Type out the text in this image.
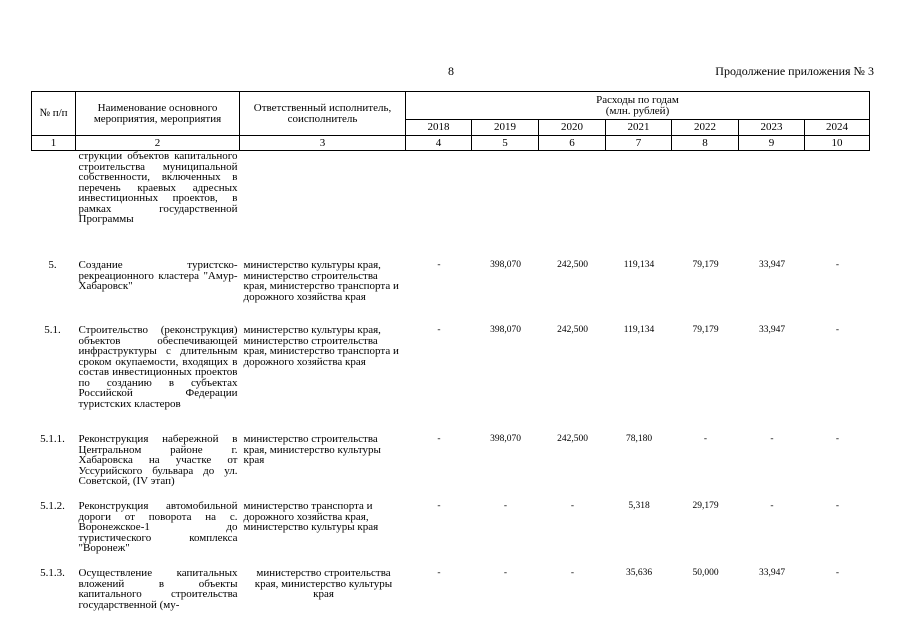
8	Продолжение приложения № 3
№ п/п	Наименование основного мероприятия, мероприятия	Ответственный исполнитель, соисполнитель	Расходы по годам
(млн. рублей)						

			2018	2019	2020	2021	2022	2023	2024
1	2	3	4	5	6	7	8	9	10
	струкции объектов капитального строительства муниципальной собственности, включенных в перечень краевых адресных инвестиционных проектов, в рамках государственной Программы								

5.	Создание туристско-рекреационного кластера "Амур-Хабаровск"	министерство культуры края, министерство строительства края, министерство транспорта и дорожного хозяйства края	-	398,070	242,500	119,134	79,179	33,947	-

5.1.	Строительство (реконструкция) объектов обеспечивающей инфраструктуры с длительным сроком окупаемости, входящих в состав инвестиционных проектов по созданию в субъектах Российской Федерации туристских кластеров	министерство культуры края, министерство строительства края, министерство транспорта и дорожного хозяйства края	-	398,070	242,500	119,134	79,179	33,947	-

5.1.1.	Реконструкция набережной в Центральном районе г. Хабаровска на участке от Уссурийского бульвара до ул. Советской, (IV этап)	министерство строительства края, министерство культуры края	-	398,070	242,500	78,180	-	-	-

5.1.2.	Реконструкция автомобильной дороги от поворота на с. Воронежское-1 до туристического комплекса "Воронеж"	министерство транспорта и дорожного хозяйства края, министерство культуры края	-	-	-	5,318	29,179	-	-

5.1.3.	Осуществление капитальных вложений в объекты капитального строительства государственной (му-	министерство строительства края, министерство культуры края	-	-	-	35,636	50,000	33,947	-
